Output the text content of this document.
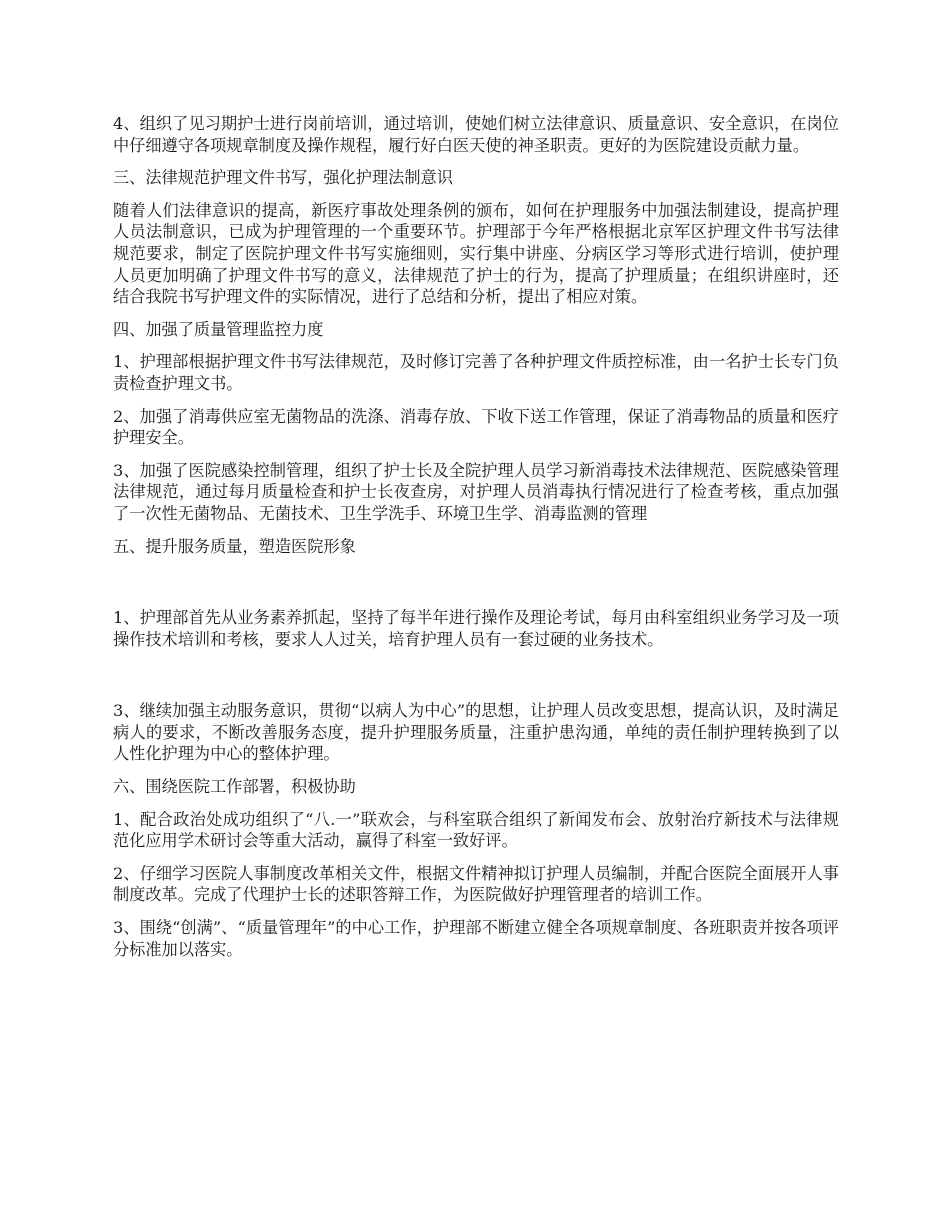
4、组织了见习期护士进行岗前培训，通过培训，使她们树立法律意识、质量意识、安全意识，在岗位中仔细遵守各项规章制度及操作规程，履行好白医天使的神圣职责。更好的为医院建设贡献力量。

三、法律规范护理文件书写，强化护理法制意识

随着人们法律意识的提高，新医疗事故处理条例的颁布，如何在护理服务中加强法制建设，提高护理人员法制意识，已成为护理管理的一个重要环节。护理部于今年严格根据北京军区护理文件书写法律规范要求，制定了医院护理文件书写实施细则，实行集中讲座、分病区学习等形式进行培训，使护理人员更加明确了护理文件书写的意义，法律规范了护士的行为，提高了护理质量；在组织讲座时，还结合我院书写护理文件的实际情况，进行了总结和分析，提出了相应对策。

四、加强了质量管理监控力度

1、护理部根据护理文件书写法律规范，及时修订完善了各种护理文件质控标准，由一名护士长专门负责检查护理文书。

2、加强了消毒供应室无菌物品的洗涤、消毒存放、下收下送工作管理，保证了消毒物品的质量和医疗护理安全。

3、加强了医院感染控制管理，组织了护士长及全院护理人员学习新消毒技术法律规范、医院感染管理法律规范，通过每月质量检查和护士长夜查房，对护理人员消毒执行情况进行了检查考核，重点加强了一次性无菌物品、无菌技术、卫生学洗手、环境卫生学、消毒监测的管理

五、提升服务质量，塑造医院形象

1、护理部首先从业务素养抓起，坚持了每半年进行操作及理论考试，每月由科室组织业务学习及一项操作技术培训和考核，要求人人过关，培育护理人员有一套过硬的业务技术。

3、继续加强主动服务意识，贯彻“以病人为中心”的思想，让护理人员改变思想，提高认识，及时满足病人的要求，不断改善服务态度，提升护理服务质量，注重护患沟通，单纯的责任制护理转换到了以人性化护理为中心的整体护理。

六、围绕医院工作部署，积极协助

1、配合政治处成功组织了“八.一”联欢会，与科室联合组织了新闻发布会、放射治疗新技术与法律规范化应用学术研讨会等重大活动，赢得了科室一致好评。

2、仔细学习医院人事制度改革相关文件，根据文件精神拟订护理人员编制，并配合医院全面展开人事制度改革。完成了代理护士长的述职答辩工作，为医院做好护理管理者的培训工作。

3、围绕“创满”、“质量管理年”的中心工作，护理部不断建立健全各项规章制度、各班职责并按各项评分标准加以落实。
